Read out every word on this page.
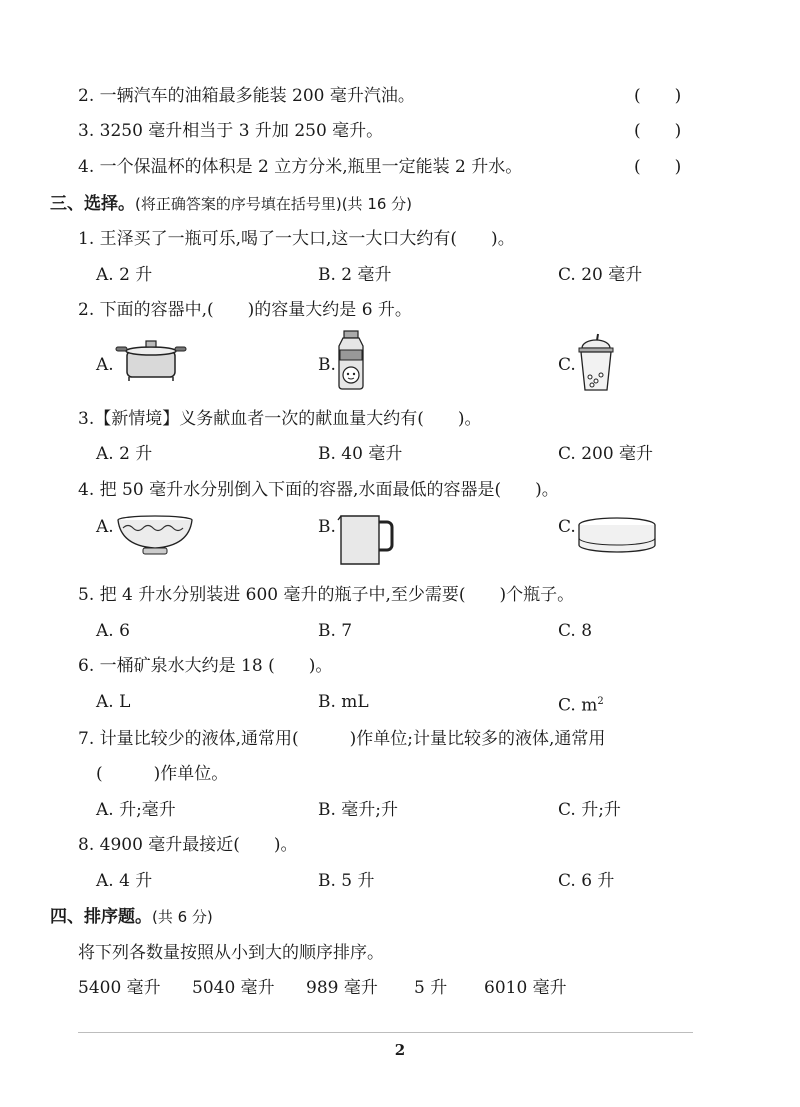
2. 一辆汽车的油箱最多能装 200 毫升汽油。	(　　)
3. 3250 毫升相当于 3 升加 250 毫升。	(　　)
4. 一个保温杯的体积是 2 立方分米,瓶里一定能装 2 升水。	(　　)
三、选择。(将正确答案的序号填在括号里)(共 16 分)
1. 王泽买了一瓶可乐,喝了一大口,这一大口大约有(　　)。
A. 2 升	B. 2 毫升	C. 20 毫升
2. 下面的容器中,(　　)的容量大约是 6 升。
A.	B.	C.
3.【新情境】义务献血者一次的献血量大约有(　　)。
A. 2 升	B. 40 毫升	C. 200 毫升
4. 把 50 毫升水分别倒入下面的容器,水面最低的容器是(　　)。
A.	B.	C.
5. 把 4 升水分别装进 600 毫升的瓶子中,至少需要(　　)个瓶子。
A. 6	B. 7	C. 8
6. 一桶矿泉水大约是 18 (　　)。
A. L	B. mL	C. $m^2$
7. 计量比较少的液体,通常用(　　　)作单位;计量比较多的液体,通常用
(　　　)作单位。
A. 升;毫升	B. 毫升;升	C. 升;升
8. 4900 毫升最接近(　　)。
A. 4 升	B. 5 升	C. 6 升
四、排序题。(共 6 分)
将下列各数量按照从小到大的顺序排序。
5400 毫升 5040 毫升 989 毫升 5 升 6010 毫升
2
